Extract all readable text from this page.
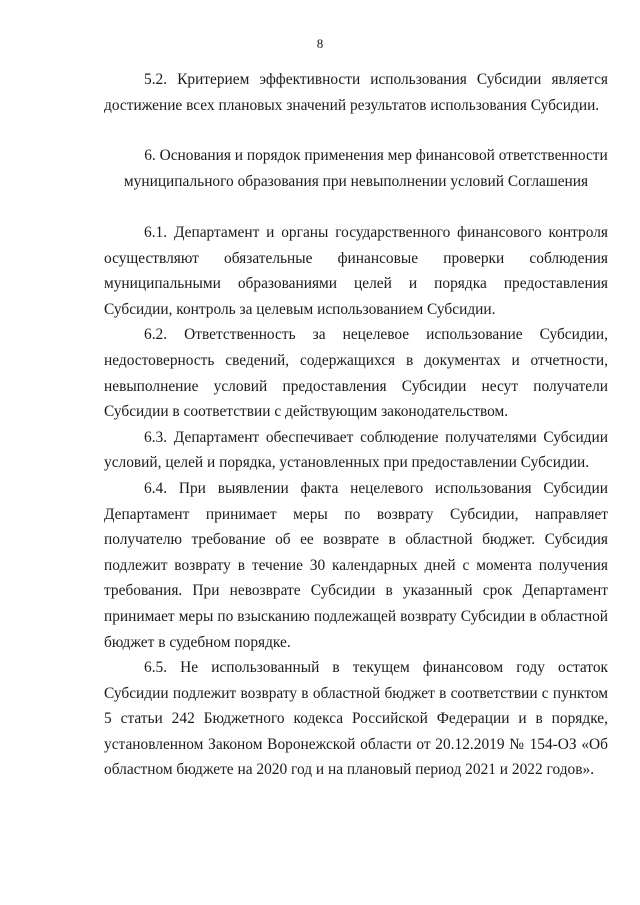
8

5.2. Критерием эффективности использования Субсидии является достижение всех плановых значений результатов использования Субсидии.

6. Основания и порядок применения мер финансовой ответственности муниципального образования при невыполнении условий Соглашения

6.1. Департамент и органы государственного финансового контроля осуществляют обязательные финансовые проверки соблюдения муниципальными образованиями целей и порядка предоставления Субсидии, контроль за целевым использованием Субсидии.

6.2. Ответственность за нецелевое использование Субсидии, недостоверность сведений, содержащихся в документах и отчетности, невыполнение условий предоставления Субсидии несут получатели Субсидии в соответствии с действующим законодательством.

6.3. Департамент обеспечивает соблюдение получателями Субсидии условий, целей и порядка, установленных при предоставлении Субсидии.

6.4. При выявлении факта нецелевого использования Субсидии Департамент принимает меры по возврату Субсидии, направляет получателю требование об ее возврате в областной бюджет. Субсидия подлежит возврату в течение 30 календарных дней с момента получения требования. При невозврате Субсидии в указанный срок Департамент принимает меры по взысканию подлежащей возврату Субсидии в областной бюджет в судебном порядке.

6.5. Не использованный в текущем финансовом году остаток Субсидии подлежит возврату в областной бюджет в соответствии с пунктом 5 статьи 242 Бюджетного кодекса Российской Федерации и в порядке, установленном Законом Воронежской области от 20.12.2019 № 154-ОЗ «Об областном бюджете на 2020 год и на плановый период 2021 и 2022 годов».
